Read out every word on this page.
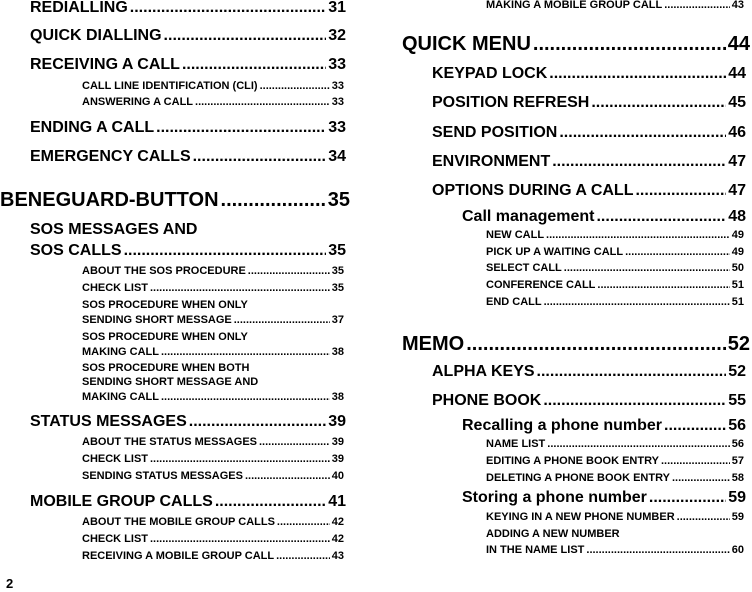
REDIALLING .....	31
QUICK DIALLING .....	32
RECEIVING A CALL .....	33
CALL LINE IDENTIFICATION (CLI) .....	33
ANSWERING A CALL .....	33
ENDING A CALL .....	33
EMERGENCY CALLS .....	34
BENEGUARD-BUTTON .....	35
SOS MESSAGES AND
SOS CALLS .....	35
ABOUT THE SOS PROCEDURE .....	35
CHECK LIST .....	35
SOS PROCEDURE WHEN ONLY
SENDING SHORT MESSAGE .....	37
SOS PROCEDURE WHEN ONLY
MAKING CALL .....	38
SOS PROCEDURE WHEN BOTH
SENDING SHORT MESSAGE AND
MAKING CALL .....	38
STATUS MESSAGES .....	39
ABOUT THE STATUS MESSAGES .....	39
CHECK LIST .....	39
SENDING STATUS MESSAGES .....	40
MOBILE GROUP CALLS .....	41
ABOUT THE MOBILE GROUP CALLS .....	42
CHECK LIST .....	42
RECEIVING A MOBILE GROUP CALL .....	43
MAKING A MOBILE GROUP CALL .....	43
QUICK MENU .....	44
KEYPAD LOCK .....	44
POSITION REFRESH .....	45
SEND POSITION .....	46
ENVIRONMENT .....	47
OPTIONS DURING A CALL .....	47
Call management .....	48
NEW CALL .....	49
PICK UP A WAITING CALL .....	49
SELECT CALL .....	50
CONFERENCE CALL .....	51
END CALL .....	51
MEMO .....	52
ALPHA KEYS .....	52
PHONE BOOK .....	55
Recalling a phone number .....	56
NAME LIST .....	56
EDITING A PHONE BOOK ENTRY .....	57
DELETING A PHONE BOOK ENTRY .....	58
Storing a phone number .....	59
KEYING IN A NEW PHONE NUMBER .....	59
ADDING A NEW NUMBER
IN THE NAME LIST .....	60
2
